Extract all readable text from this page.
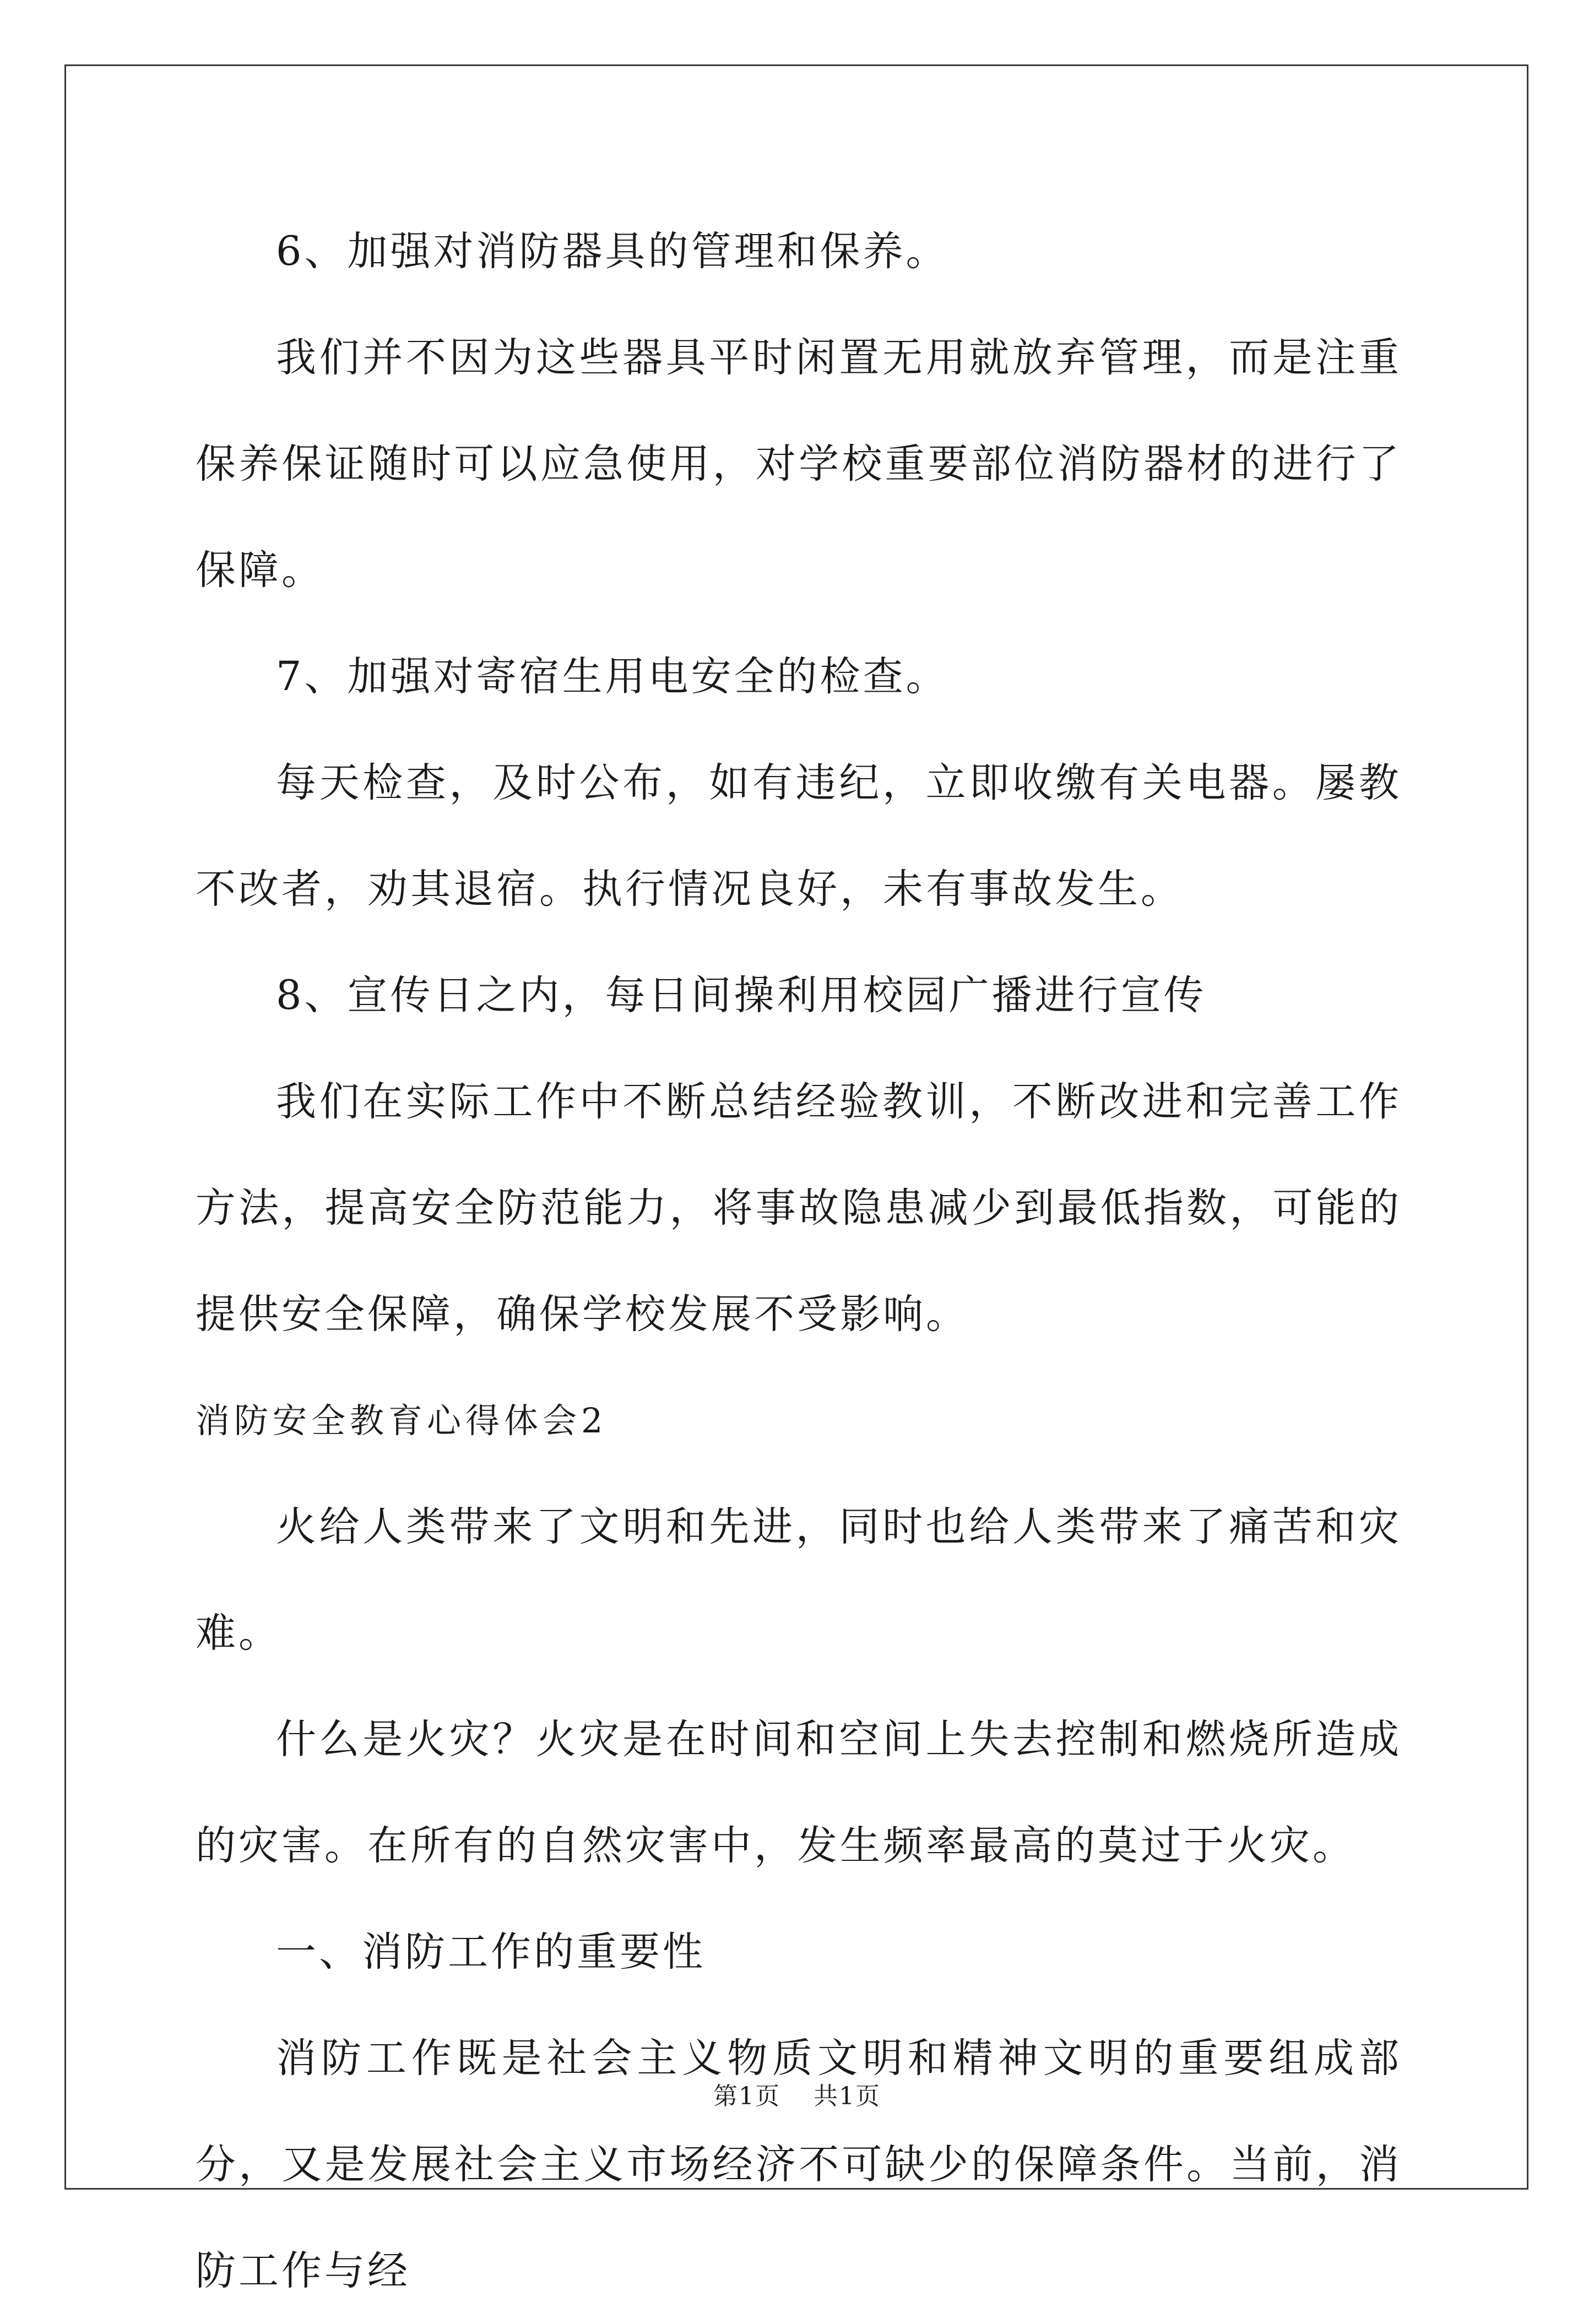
6、加强对消防器具的管理和保养。

我们并不因为这些器具平时闲置无用就放弃管理，而是注重保养保证随时可以应急使用，对学校重要部位消防器材的进行了保障。

7、加强对寄宿生用电安全的检查。

每天检查，及时公布，如有违纪，立即收缴有关电器。屡教不改者，劝其退宿。执行情况良好，未有事故发生。

8、宣传日之内，每日间操利用校园广播进行宣传

我们在实际工作中不断总结经验教训，不断改进和完善工作方法，提高安全防范能力，将事故隐患减少到最低指数，可能的提供安全保障，确保学校发展不受影响。

消防安全教育心得体会2

火给人类带来了文明和先进，同时也给人类带来了痛苦和灾难。

什么是火灾？火灾是在时间和空间上失去控制和燃烧所造成的灾害。在所有的自然灾害中，发生频率最高的莫过于火灾。

一、消防工作的重要性

消防工作既是社会主义物质文明和精神文明的重要组成部分，又是发展社会主义市场经济不可缺少的保障条件。当前，消防工作与经

第1页 共1页
